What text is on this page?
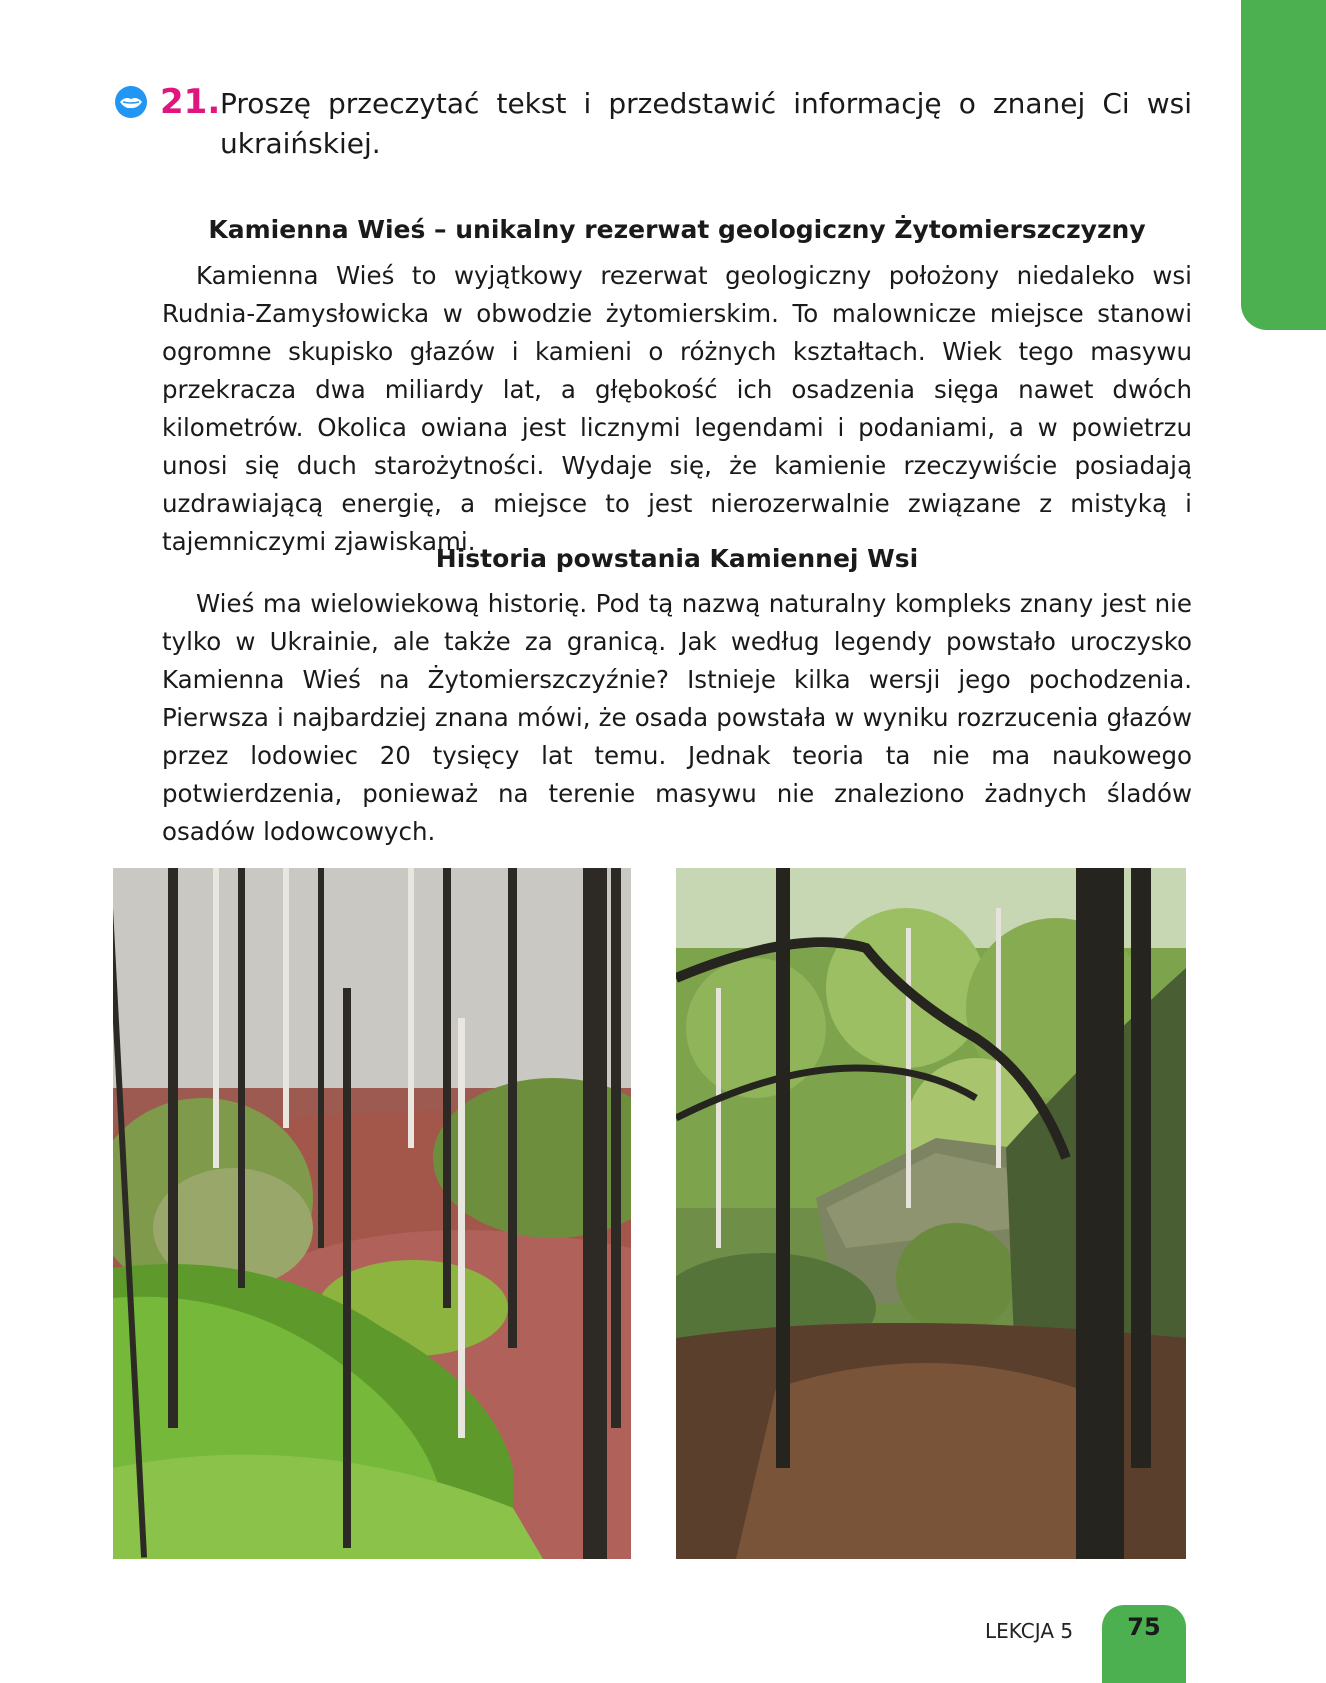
21. Proszę przeczytać tekst i przedstawić informację o znanej Ci wsi ukraińskiej.
Kamienna Wieś – unikalny rezerwat geologiczny Żytomierszczyzny

Kamienna Wieś to wyjątkowy rezerwat geologiczny położony niedaleko wsi Rudnia-Zamysłowicka w obwodzie żytomierskim. To malownicze miejsce stanowi ogromne skupisko głazów i kamieni o różnych kształtach. Wiek tego masywu przekracza dwa miliardy lat, a głębokość ich osadzenia sięga nawet dwóch kilometrów. Okolica owiana jest licznymi legendami i podaniami, a w powietrzu unosi się duch starożytności. Wydaje się, że kamienie rzeczywiście posiadają uzdrawiającą energię, a miejsce to jest nierozerwalnie związane z mistyką i tajemniczymi zjawiskami.

Historia powstania Kamiennej Wsi

Wieś ma wielowiekową historię. Pod tą nazwą naturalny kompleks znany jest nie tylko w Ukrainie, ale także za granicą. Jak według legendy powstało uroczysko Kamienna Wieś na Żytomierszczyźnie? Istnieje kilka wersji jego pochodzenia. Pierwsza i najbardziej znana mówi, że osada powstała w wyniku rozrzucenia głazów przez lodowiec 20 tysięcy lat temu. Jednak teoria ta nie ma naukowego potwierdzenia, ponieważ na terenie masywu nie znaleziono żadnych śladów osadów lodowcowych.

LEKCJA 5	75
